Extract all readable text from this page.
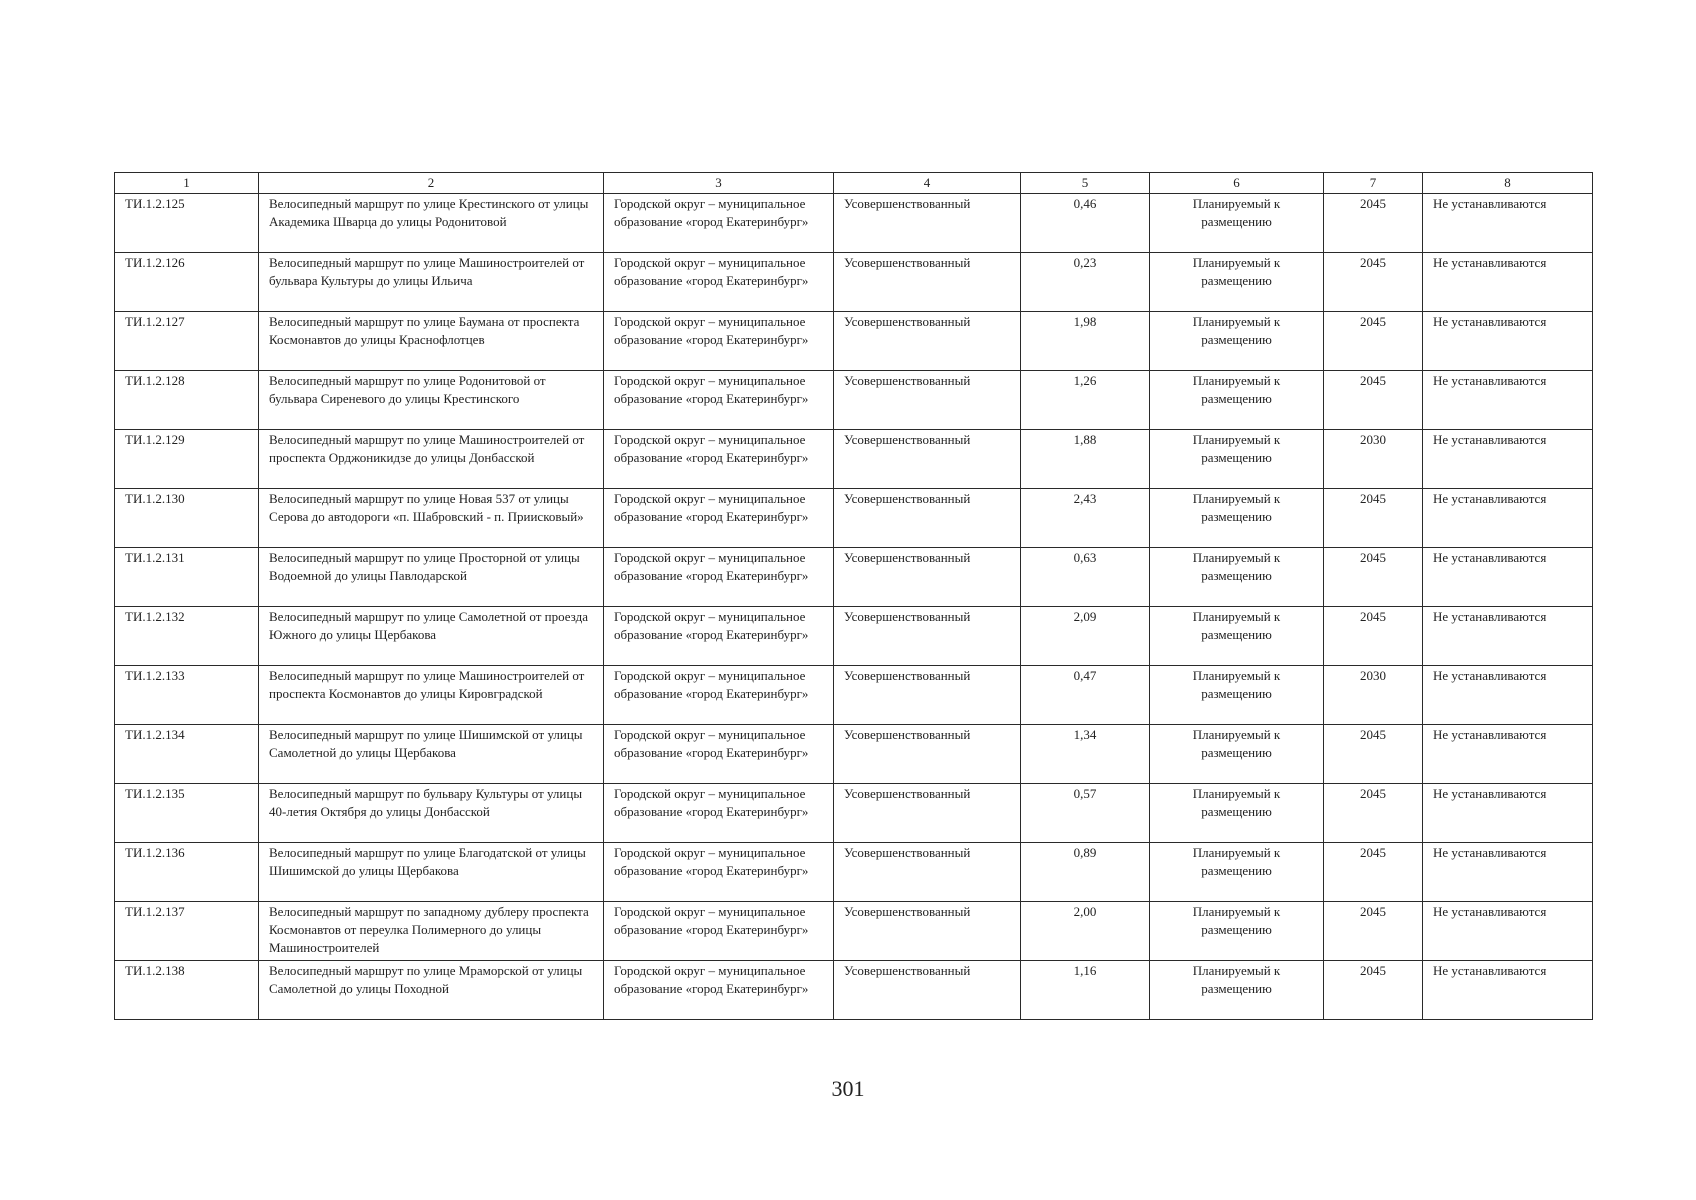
1	2	3	4	5	6	7	8
ТИ.1.2.125	Велосипедный маршрут по улице Крестинского от улицы Академика Шварца до улицы Родонитовой	Городской округ – муниципальное образование «город Екатеринбург»	Усовершенствованный	0,46	Планируемый к размещению	2045	Не устанавливаются
ТИ.1.2.126	Велосипедный маршрут по улице Машиностроителей от бульвара Культуры до улицы Ильича	Городской округ – муниципальное образование «город Екатеринбург»	Усовершенствованный	0,23	Планируемый к размещению	2045	Не устанавливаются
ТИ.1.2.127	Велосипедный маршрут по улице Баумана от проспекта Космонавтов до улицы Краснофлотцев	Городской округ – муниципальное образование «город Екатеринбург»	Усовершенствованный	1,98	Планируемый к размещению	2045	Не устанавливаются
ТИ.1.2.128	Велосипедный маршрут по улице Родонитовой от бульвара Сиреневого до улицы Крестинского	Городской округ – муниципальное образование «город Екатеринбург»	Усовершенствованный	1,26	Планируемый к размещению	2045	Не устанавливаются
ТИ.1.2.129	Велосипедный маршрут по улице Машиностроителей от проспекта Орджоникидзе до улицы Донбасской	Городской округ – муниципальное образование «город Екатеринбург»	Усовершенствованный	1,88	Планируемый к размещению	2030	Не устанавливаются
ТИ.1.2.130	Велосипедный маршрут по улице Новая 537 от улицы Серова до автодороги «п. Шабровский - п. Приисковый»	Городской округ – муниципальное образование «город Екатеринбург»	Усовершенствованный	2,43	Планируемый к размещению	2045	Не устанавливаются
ТИ.1.2.131	Велосипедный маршрут по улице Просторной от улицы Водоемной до улицы Павлодарской	Городской округ – муниципальное образование «город Екатеринбург»	Усовершенствованный	0,63	Планируемый к размещению	2045	Не устанавливаются
ТИ.1.2.132	Велосипедный маршрут по улице Самолетной от проезда Южного до улицы Щербакова	Городской округ – муниципальное образование «город Екатеринбург»	Усовершенствованный	2,09	Планируемый к размещению	2045	Не устанавливаются
ТИ.1.2.133	Велосипедный маршрут по улице Машиностроителей от проспекта Космонавтов до улицы Кировградской	Городской округ – муниципальное образование «город Екатеринбург»	Усовершенствованный	0,47	Планируемый к размещению	2030	Не устанавливаются
ТИ.1.2.134	Велосипедный маршрут по улице Шишимской от улицы Самолетной до улицы Щербакова	Городской округ – муниципальное образование «город Екатеринбург»	Усовершенствованный	1,34	Планируемый к размещению	2045	Не устанавливаются
ТИ.1.2.135	Велосипедный маршрут по бульвару Культуры от улицы 40-летия Октября до улицы Донбасской	Городской округ – муниципальное образование «город Екатеринбург»	Усовершенствованный	0,57	Планируемый к размещению	2045	Не устанавливаются
ТИ.1.2.136	Велосипедный маршрут по улице Благодатской от улицы Шишимской до улицы Щербакова	Городской округ – муниципальное образование «город Екатеринбург»	Усовершенствованный	0,89	Планируемый к размещению	2045	Не устанавливаются
ТИ.1.2.137	Велосипедный маршрут по западному дублеру проспекта Космонавтов от переулка Полимерного до улицы Машиностроителей	Городской округ – муниципальное образование «город Екатеринбург»	Усовершенствованный	2,00	Планируемый к размещению	2045	Не устанавливаются
ТИ.1.2.138	Велосипедный маршрут по улице Мраморской от улицы Самолетной до улицы Походной	Городской округ – муниципальное образование «город Екатеринбург»	Усовершенствованный	1,16	Планируемый к размещению	2045	Не устанавливаются
301
